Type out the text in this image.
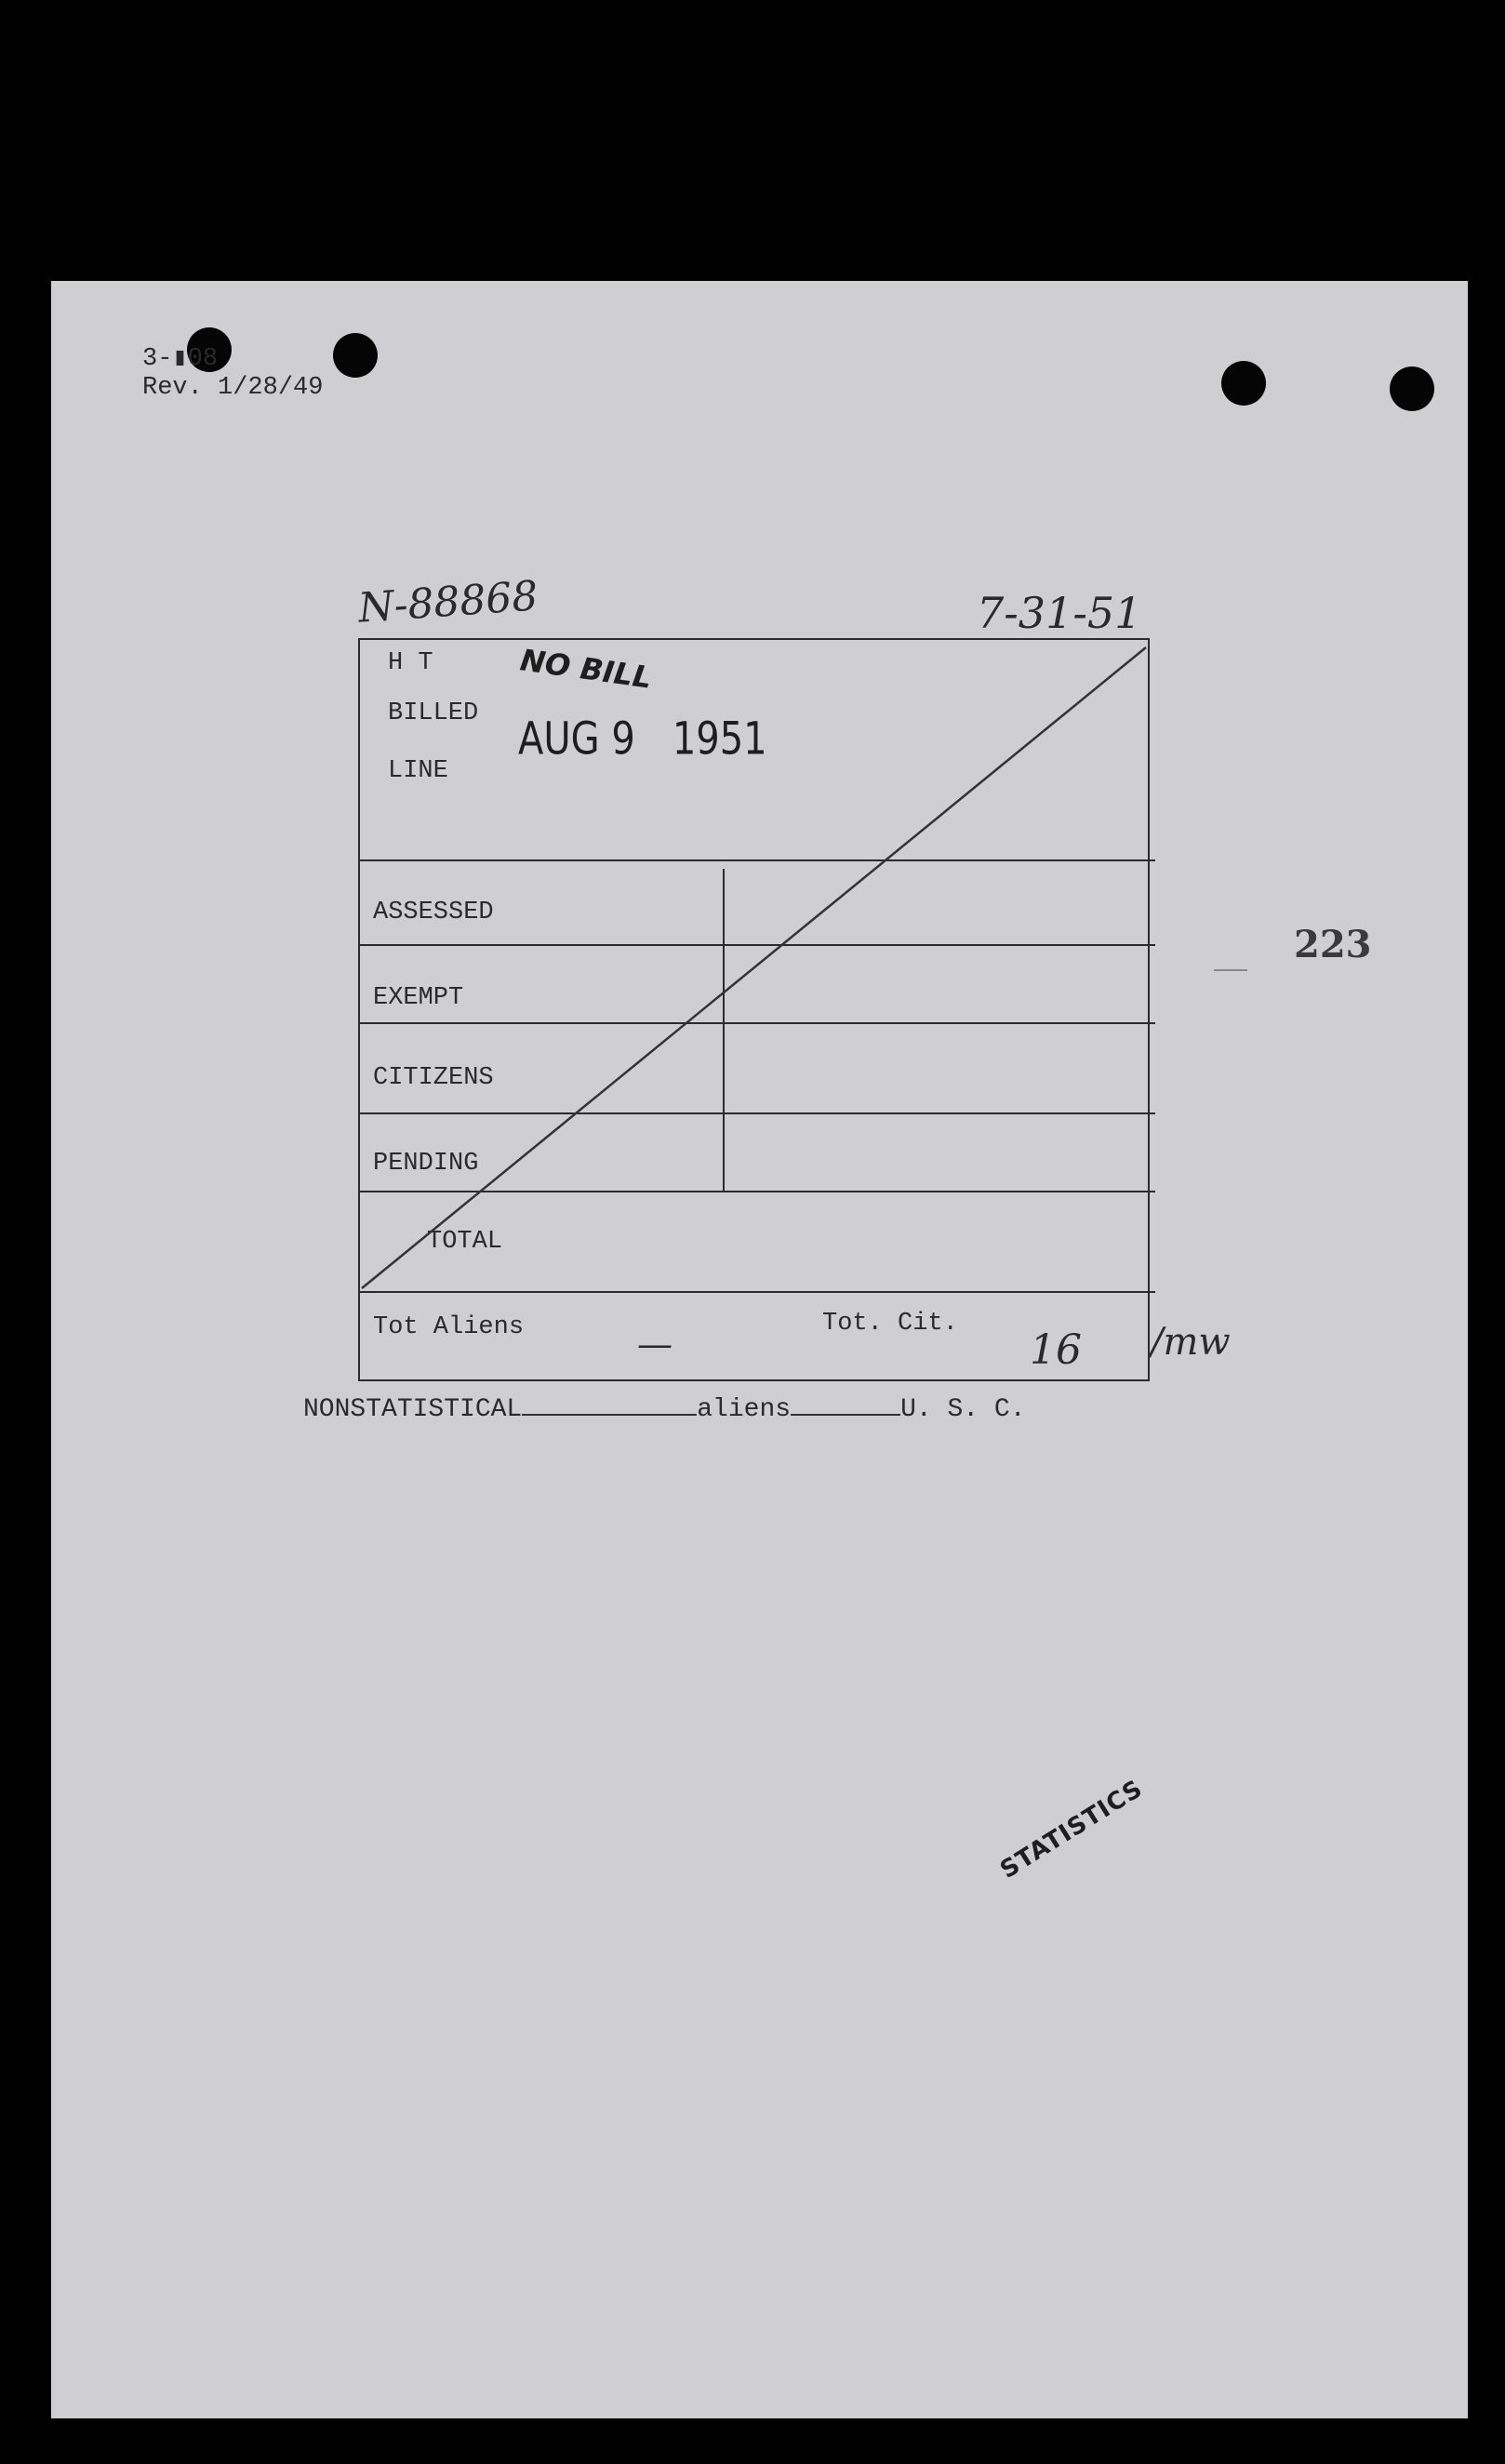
3-▮08
Rev. 1/28/49
N-88868	7-31-51
H T
BILLED
LINE
NO BILL
AUG 9 1951
ASSESSED
EXEMPT
CITIZENS
PENDING
TOTAL
Tot Aliens	Tot. Cit.
—	16 /mw
223
NONSTATISTICAL	aliens	U. S. C.
STATISTICS
